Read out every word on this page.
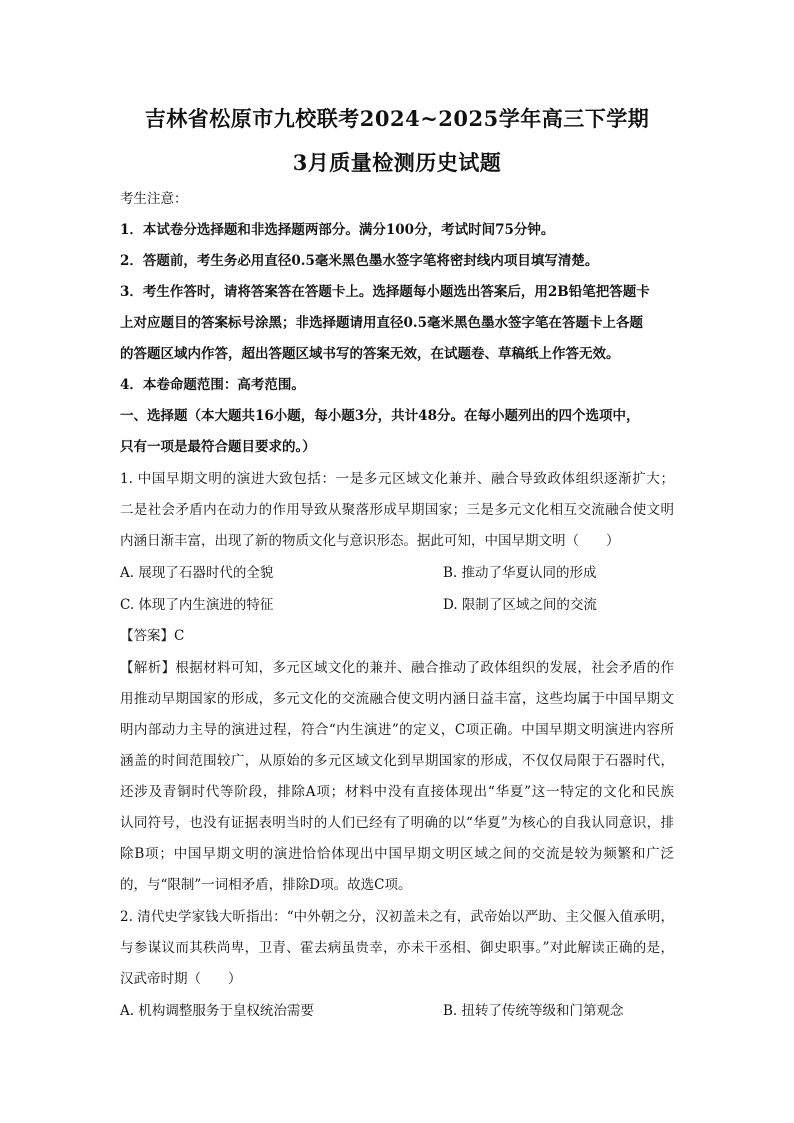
吉林省松原市九校联考2024~2025学年高三下学期
3月质量检测历史试题
考生注意：
1．本试卷分选择题和非选择题两部分。满分100分，考试时间75分钟。
2．答题前，考生务必用直径0.5毫米黑色墨水签字笔将密封线内项目填写清楚。
3．考生作答时，请将答案答在答题卡上。选择题每小题选出答案后，用2B铅笔把答题卡
上对应题目的答案标号涂黑；非选择题请用直径0.5毫米黑色墨水签字笔在答题卡上各题
的答题区域内作答，超出答题区域书写的答案无效，在试题卷、草稿纸上作答无效。
4．本卷命题范围：高考范围。
一、选择题（本大题共16小题，每小题3分，共计48分。在每小题列出的四个选项中，
只有一项是最符合题目要求的。）
1. 中国早期文明的演进大致包括：一是多元区域文化兼并、融合导致政体组织逐渐扩大；
二是社会矛盾内在动力的作用导致从聚落形成早期国家；三是多元文化相互交流融合使文明
内涵日渐丰富，出现了新的物质文化与意识形态。据此可知，中国早期文明（　　）
A. 展现了石器时代的全貌	B. 推动了华夏认同的形成
C. 体现了内生演进的特征	D. 限制了区域之间的交流
【答案】C
【解析】根据材料可知，多元区域文化的兼并、融合推动了政体组织的发展，社会矛盾的作
用推动早期国家的形成，多元文化的交流融合使文明内涵日益丰富，这些均属于中国早期文
明内部动力主导的演进过程，符合“内生演进”的定义，C项正确。中国早期文明演进内容所
涵盖的时间范围较广，从原始的多元区域文化到早期国家的形成，不仅仅局限于石器时代，
还涉及青铜时代等阶段，排除A项；材料中没有直接体现出“华夏”这一特定的文化和民族
认同符号，也没有证据表明当时的人们已经有了明确的以“华夏”为核心的自我认同意识，排
除B项；中国早期文明的演进恰恰体现出中国早期文明区域之间的交流是较为频繁和广泛
的，与“限制”一词相矛盾，排除D项。故选C项。
2. 清代史学家钱大昕指出：“中外朝之分，汉初盖未之有，武帝始以严助、主父偃入值承明，
与参谋议而其秩尚卑，卫青、霍去病虽贵幸，亦未干丞相、御史职事。”对此解读正确的是，
汉武帝时期（　　）
A. 机构调整服务于皇权统治需要	B. 扭转了传统等级和门第观念
